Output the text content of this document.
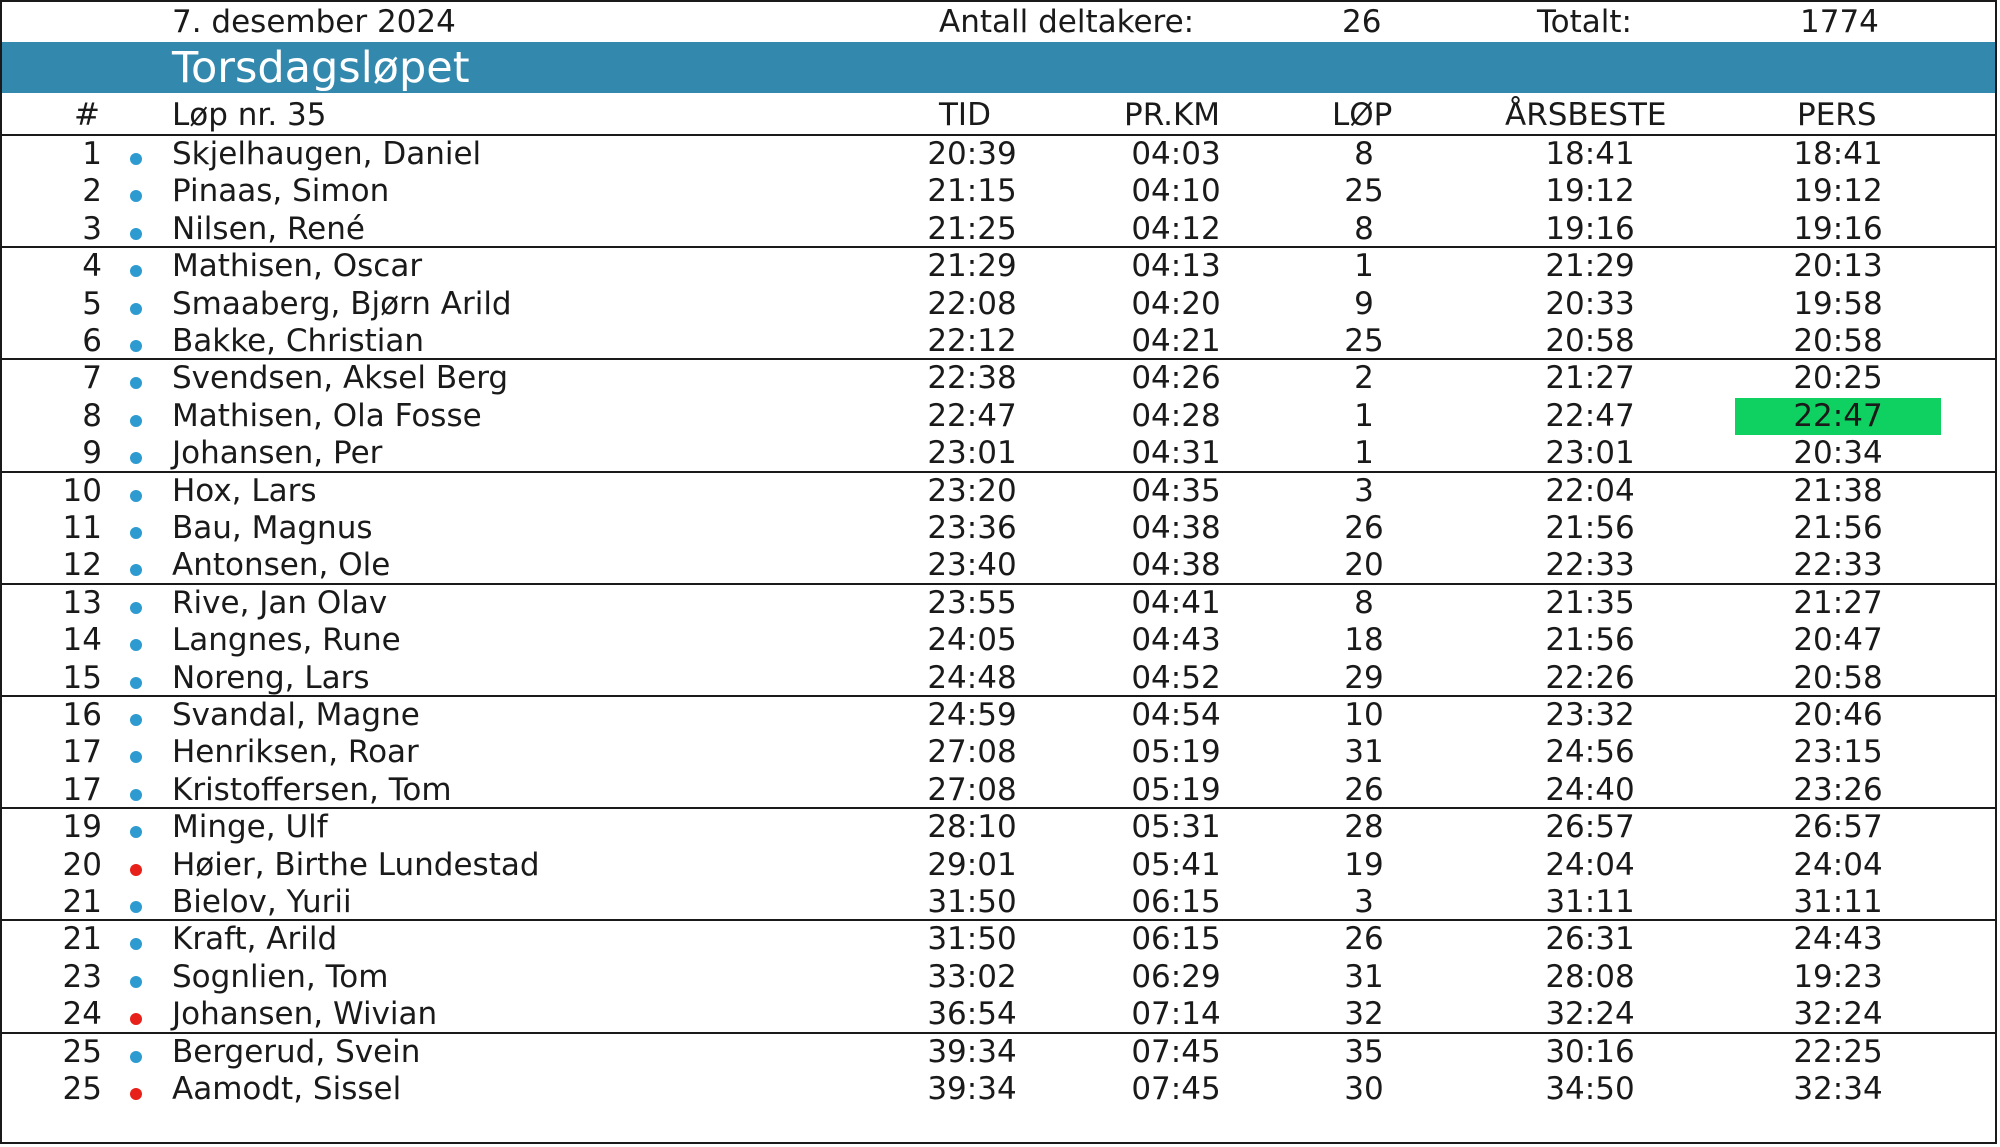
7. desember 2024	Antall deltakere:	26	Totalt:	1774
Torsdagsløpet
# Løp nr. 35	TID	PR.KM	LØP	ÅRSBESTE	PERS
1 Skjelhaugen, Daniel	20:39	04:03	8	18:41	18:41
2 Pinaas, Simon	21:15	04:10	25	19:12	19:12
3 Nilsen, René	21:25	04:12	8	19:16	19:16
4 Mathisen, Oscar	21:29	04:13	1	21:29	20:13
5 Smaaberg, Bjørn Arild	22:08	04:20	9	20:33	19:58
6 Bakke, Christian	22:12	04:21	25	20:58	20:58
7 Svendsen, Aksel Berg	22:38	04:26	2	21:27	20:25
8 Mathisen, Ola Fosse	22:47	04:28	1	22:47	22:47
9 Johansen, Per	23:01	04:31	1	23:01	20:34
10 Hox, Lars	23:20	04:35	3	22:04	21:38
11 Bau, Magnus	23:36	04:38	26	21:56	21:56
12 Antonsen, Ole	23:40	04:38	20	22:33	22:33
13 Rive, Jan Olav	23:55	04:41	8	21:35	21:27
14 Langnes, Rune	24:05	04:43	18	21:56	20:47
15 Noreng, Lars	24:48	04:52	29	22:26	20:58
16 Svandal, Magne	24:59	04:54	10	23:32	20:46
17 Henriksen, Roar	27:08	05:19	31	24:56	23:15
17 Kristoffersen, Tom	27:08	05:19	26	24:40	23:26
19 Minge, Ulf	28:10	05:31	28	26:57	26:57
20 Høier, Birthe Lundestad	29:01	05:41	19	24:04	24:04
21 Bielov, Yurii	31:50	06:15	3	31:11	31:11
21 Kraft, Arild	31:50	06:15	26	26:31	24:43
23 Sognlien, Tom	33:02	06:29	31	28:08	19:23
24 Johansen, Wivian	36:54	07:14	32	32:24	32:24
25 Bergerud, Svein	39:34	07:45	35	30:16	22:25
25 Aamodt, Sissel	39:34	07:45	30	34:50	32:34
